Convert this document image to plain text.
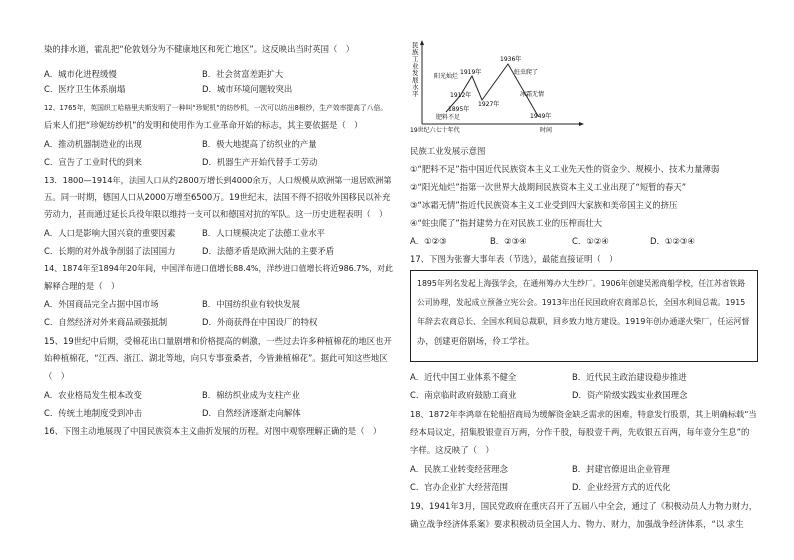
染的排水道，霍乱把“伦敦划分为不健康地区和死亡地区”。这反映出当时英国（　）
A．城市化进程缓慢	B．社会贫富差距扩大
C．医疗卫生体系崩塌	D．城市环境问题较突出
12、1765年，英国织工哈格里夫斯发明了一种叫“珍妮机”的纺纱机，一次可以纺出8根纱，生产效率提高了八倍。
后来人们把“珍妮纺纱机”的发明和使用作为工业革命开始的标志，其主要依据是（　）
A．推动机器制造业的出现	B．极大地提高了纺织业的产量
C．宣告了工业时代的到来	D．机器生产开始代替手工劳动
13．1800—1914年，法国人口从约2800万增长到4000余万，人口规模从欧洲第一退居欧洲第
五。同一时期，德国人口从2000万增至6500万。19世纪末，法国不得不招收外国移民以补充
劳动力，甚而通过延长兵役年限以维持一支可以和德国对抗的军队。这一历史进程表明（　）
A．人口是影响大国兴衰的重要因素	B．人口规模决定了法德工业水平
C．长期的对外战争削弱了法国国力	D．法德矛盾是欧洲大陆的主要矛盾
14、1874年至1894年20年间，中国洋布进口值增长88.4%，洋纱进口值增长将近986.7%，对此
解释合理的是（　）
A．外国商品完全占据中国市场	B．中国纺织业有较快发展
C．自然经济对外来商品顽强抵制	D．外商获得在中国设厂的特权
15、19世纪中后期，受棉花出口量剧增和价格提高的刺激，一些过去许多种植棉花的地区也开
始种植棉花，“江西、浙江、湖北等地，向只专事蚕桑者，今皆兼植棉花”。据此可知这些地区
（　）
A．农业格局发生根本改变	B．棉纺织业成为支柱产业
C．传统土地制度受到冲击	D．自然经济逐渐走向解体
16、下图主动地展现了中国民族资本主义曲折发展的历程。对图中观察理解正确的是（　）
民族工 业发展 水平
1895年
1912年
1919年
1927年
1936年
1949年
阳光灿烂
肥料不足
蛀虫爬了
冰霜无情
19世纪六七十年代	时间
民族工业发展示意图
①“肥料不足”指中国近代民族资本主义工业先天性的资金少、规模小、技术力量薄弱
②“阳光灿烂”指第一次世界大战期间民族资本主义工业出现了“短暂的春天”
③“冰霜无情”指近代民族资本主义工业受到四大家族和美帝国主义的挤压
④“蛀虫爬了”指封建势力在对民族工业的压榨而壮大
A．①②③	B．②③④	C．①②④	D．①②③④
17、下图为张謇大事年表（节选），最能直接证明（　）
1895年列名发起上海强学会，在通州筹办大生纱厂。1906年创建吴淞商船学校，任江苏省铁路
公司协理，发起成立预备立宪公会。1913年出任民国政府农商部总长，全国水利局总裁。1915
年辞去农商总长、全国水利局总裁职，回乡致力地方建设。1919年创办通遂火柴厂，任运河督
办，创建更俗剧场，伶工学社。
A．近代中国工业体系不健全	B．近代民主政治建设稳步推进
C．南京临时政府鼓励工商业	D．资产阶级实践实业救国理念
18、1872年李鸿章在轮船招商局为缓解资金缺乏需求的困难，特意发行股票，其上明确标载“当
经本局议定，招集股银壹百万两，分作千股，每股壹千两，先收银五百两，每年壹分生息”的
字样。这反映了（　）
A．民族工业转变经营理念	B．封建官僚退出企业管理
C．官办企业扩大经营范围	D．企业经营方式的近代化
19、1941年3月，国民党政府在重庆召开了五届八中全会，通过了《积极动员人力物力财力，
确立战争经济体系案》要求积极动员全国人力、物力、财力，加强战争经济体系，“以 求生
